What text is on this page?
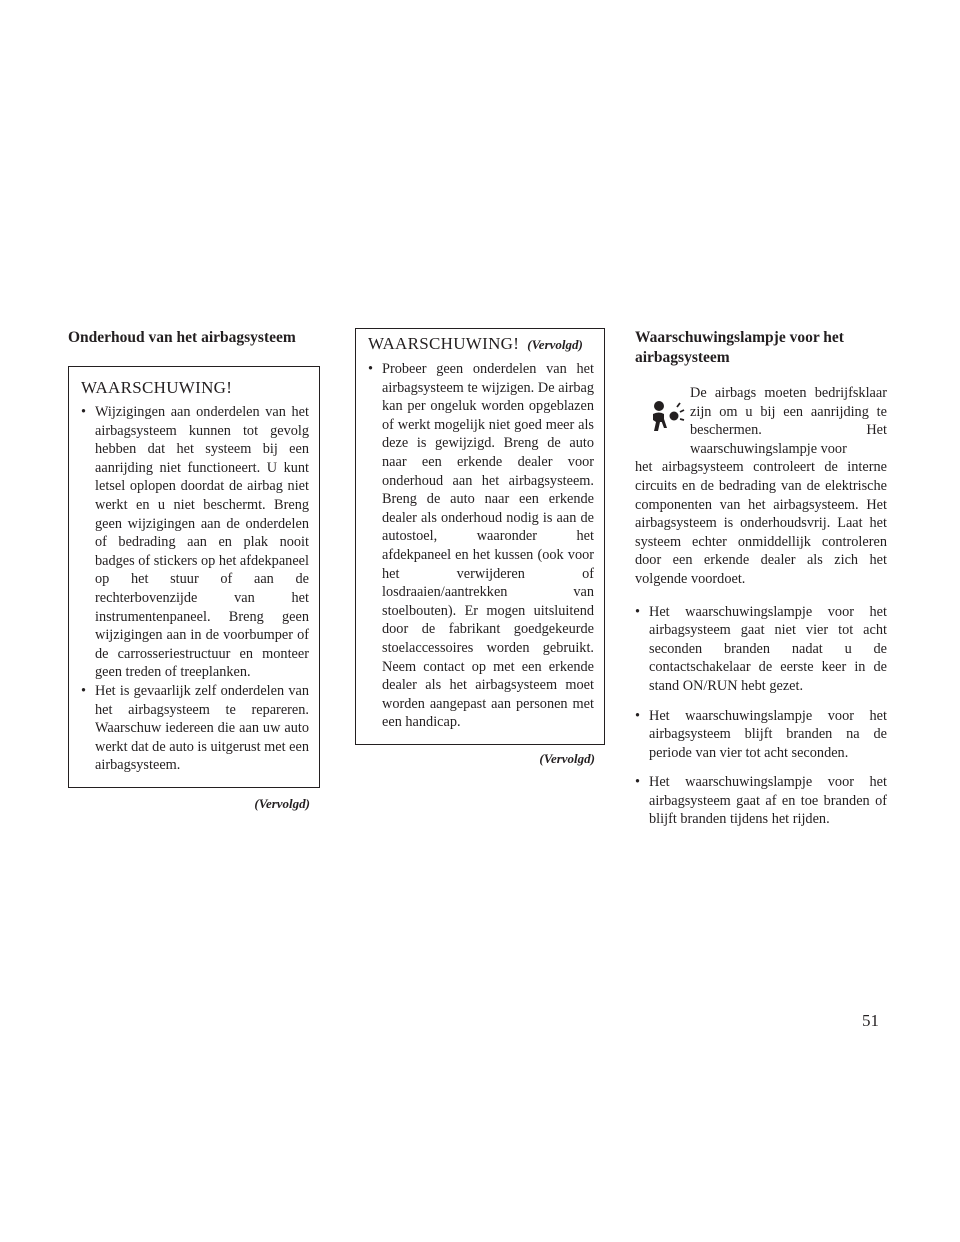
Onderhoud van het airbagsysteem

WAARSCHUWING!

• Wijzigingen aan onderdelen van het airbagsysteem kunnen tot gevolg hebben dat het systeem bij een aanrijding niet functioneert. U kunt letsel oplopen doordat de airbag niet werkt en u niet beschermt. Breng geen wijzigingen aan de onderdelen of bedrading aan en plak nooit badges of stickers op het afdekpaneel op het stuur of aan de rechterbovenzijde van het instrumentenpaneel. Breng geen wijzigingen aan in de voorbumper of de carrosseriestructuur en monteer geen treden of treeplanken.
• Het is gevaarlijk zelf onderdelen van het airbagsysteem te repareren. Waarschuw iedereen die aan uw auto werkt dat de auto is uitgerust met een airbagsysteem.
(Vervolgd)

WAARSCHUWING! (Vervolgd)

• Probeer geen onderdelen van het airbagsysteem te wijzigen. De airbag kan per ongeluk worden opgeblazen of werkt mogelijk niet goed meer als deze is gewijzigd. Breng de auto naar een erkende dealer voor onderhoud aan het airbagsysteem. Breng de auto naar een erkende dealer als onderhoud nodig is aan de autostoel, waaronder het afdekpaneel en het kussen (ook voor het verwijderen of losdraaien/aantrekken van stoelbouten). Er mogen uitsluitend door de fabrikant goedgekeurde stoelaccessoires worden gebruikt. Neem contact op met een erkende dealer als het airbagsysteem moet worden aangepast aan personen met een handicap.
(Vervolgd)

Waarschuwingslampje voor het airbagsysteem

De airbags moeten bedrijfsklaar zijn om u bij een aanrijding te beschermen. Het waarschuwingslampje voor
het airbagsysteem controleert de interne circuits en de bedrading van de elektrische componenten van het airbagsysteem. Het airbagsysteem is onderhoudsvrij. Laat het systeem echter onmiddellijk controleren door een erkende dealer als zich het volgende voordoet.

• Het waarschuwingslampje voor het airbagsysteem gaat niet vier tot acht seconden branden nadat u de contactschakelaar de eerste keer in de stand ON/RUN hebt gezet.
• Het waarschuwingslampje voor het airbagsysteem blijft branden na de periode van vier tot acht seconden.
• Het waarschuwingslampje voor het airbagsysteem gaat af en toe branden of blijft branden tijdens het rijden.
51
